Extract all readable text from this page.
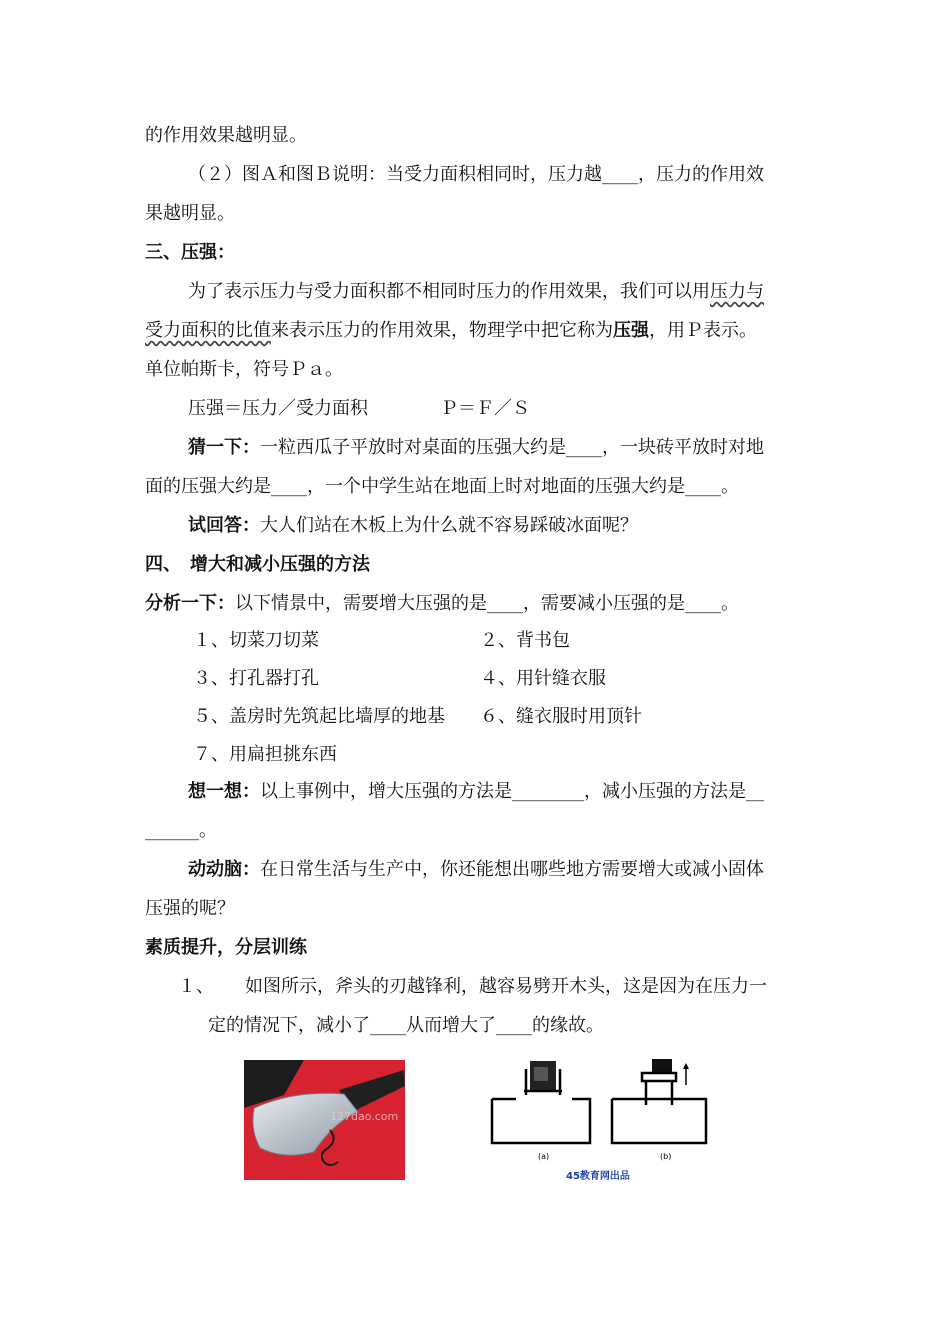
的作用效果越明显。
（２）图Ａ和图Ｂ说明：当受力面积相同时，压力越____，压力的作用效
果越明显。
三、压强：
为了表示压力与受力面积都不相同时压力的作用效果，我们可以用压力与
受力面积的比值来表示压力的作用效果，物理学中把它称为压强，用Ｐ表示。
单位帕斯卡，符号Ｐａ。
压强＝压力／受力面积	Ｐ＝Ｆ／Ｓ
猜一下：一粒西瓜子平放时对桌面的压强大约是____，一块砖平放时对地
面的压强大约是____，一个中学生站在地面上时对地面的压强大约是____。
试回答：大人们站在木板上为什么就不容易踩破冰面呢？
四、　增大和减小压强的方法
分析一下：以下情景中，需要增大压强的是____，需要减小压强的是____。
１、切菜刀切菜	２、背书包
３、打孔器打孔	４、用针缝衣服
５、盖房时先筑起比墙厚的地基 ６、缝衣服时用顶针
７、用扁担挑东西
想一想：以上事例中，增大压强的方法是________，减小压强的方法是__
______。
动动脑：在日常生活与生产中，你还能想出哪些地方需要增大或减小固体
压强的呢？
素质提升，分层训练
１、 如图所示，斧头的刃越锋利，越容易劈开木头，这是因为在压力一
定的情况下，减小了____从而增大了____的缘故。
127dao.com
(a)	(b)
45教育网出品
